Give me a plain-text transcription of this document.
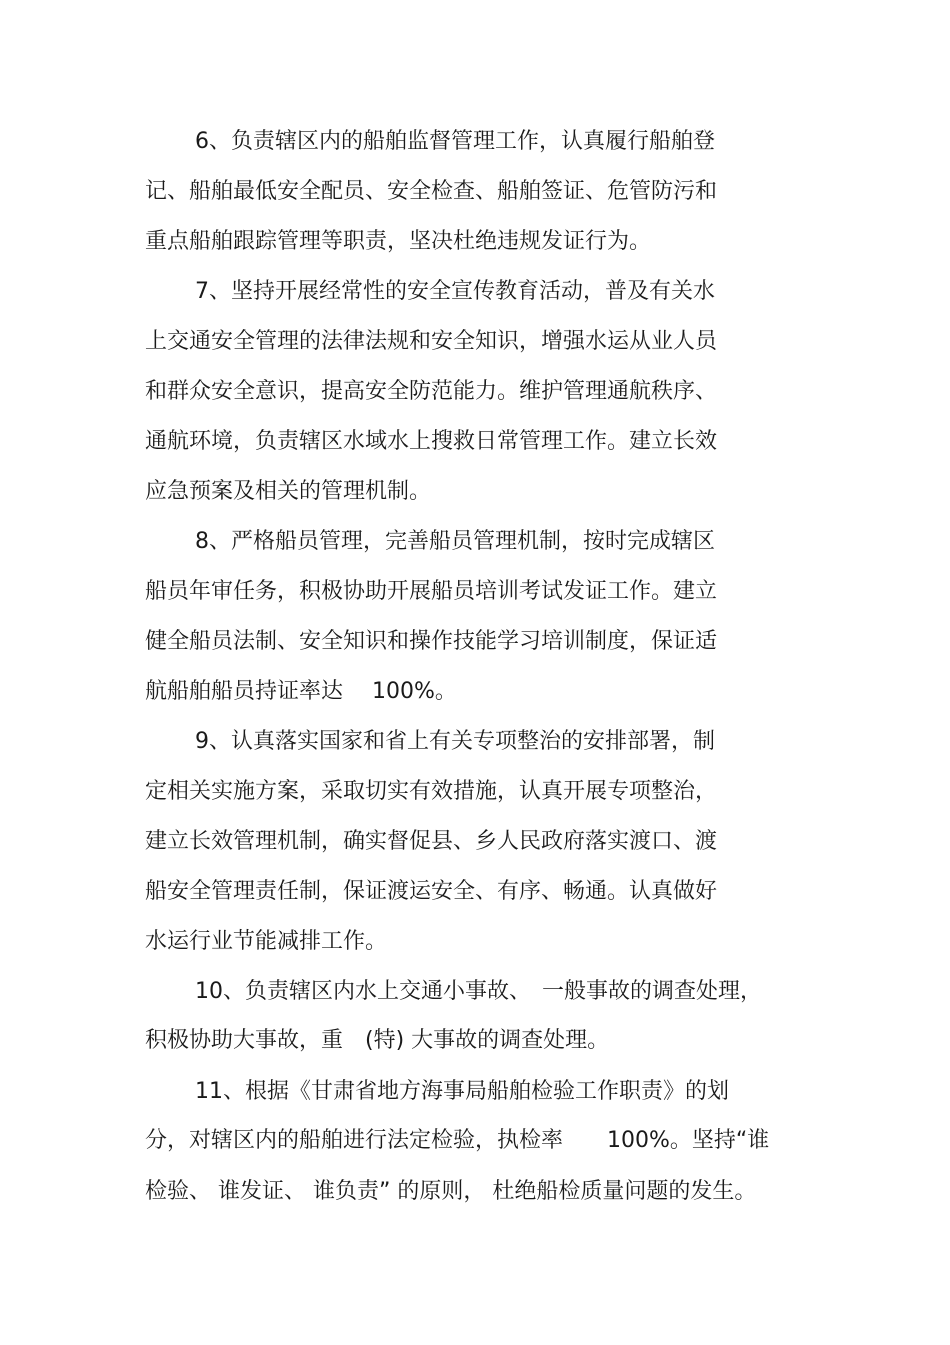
6、负责辖区内的船舶监督管理工作，认真履行船舶登
记、船舶最低安全配员、安全检查、船舶签证、危管防污和
重点船舶跟踪管理等职责，坚决杜绝违规发证行为。
7、坚持开展经常性的安全宣传教育活动，普及有关水
上交通安全管理的法律法规和安全知识，增强水运从业人员
和群众安全意识，提高安全防范能力。维护管理通航秩序、
通航环境，负责辖区水域水上搜救日常管理工作。建立长效
应急预案及相关的管理机制。
8、严格船员管理，完善船员管理机制，按时完成辖区
船员年审任务，积极协助开展船员培训考试发证工作。建立
健全船员法制、安全知识和操作技能学习培训制度，保证适
航船舶船员持证率达　 100%。
9、认真落实国家和省上有关专项整治的安排部署，制
定相关实施方案，采取切实有效措施，认真开展专项整治，
建立长效管理机制，确实督促县、乡人民政府落实渡口、渡
船安全管理责任制，保证渡运安全、有序、畅通。认真做好
水运行业节能减排工作。
10、负责辖区内水上交通小事故、　一般事故的调查处理，
积极协助大事故，重　(特) 大事故的调查处理。
11、根据《甘肃省地方海事局船舶检验工作职责》的划
分，对辖区内的船舶进行法定检验，执检率　　100%。坚持“谁
检验、 谁发证、 谁负责” 的原则， 杜绝船检质量问题的发生。
